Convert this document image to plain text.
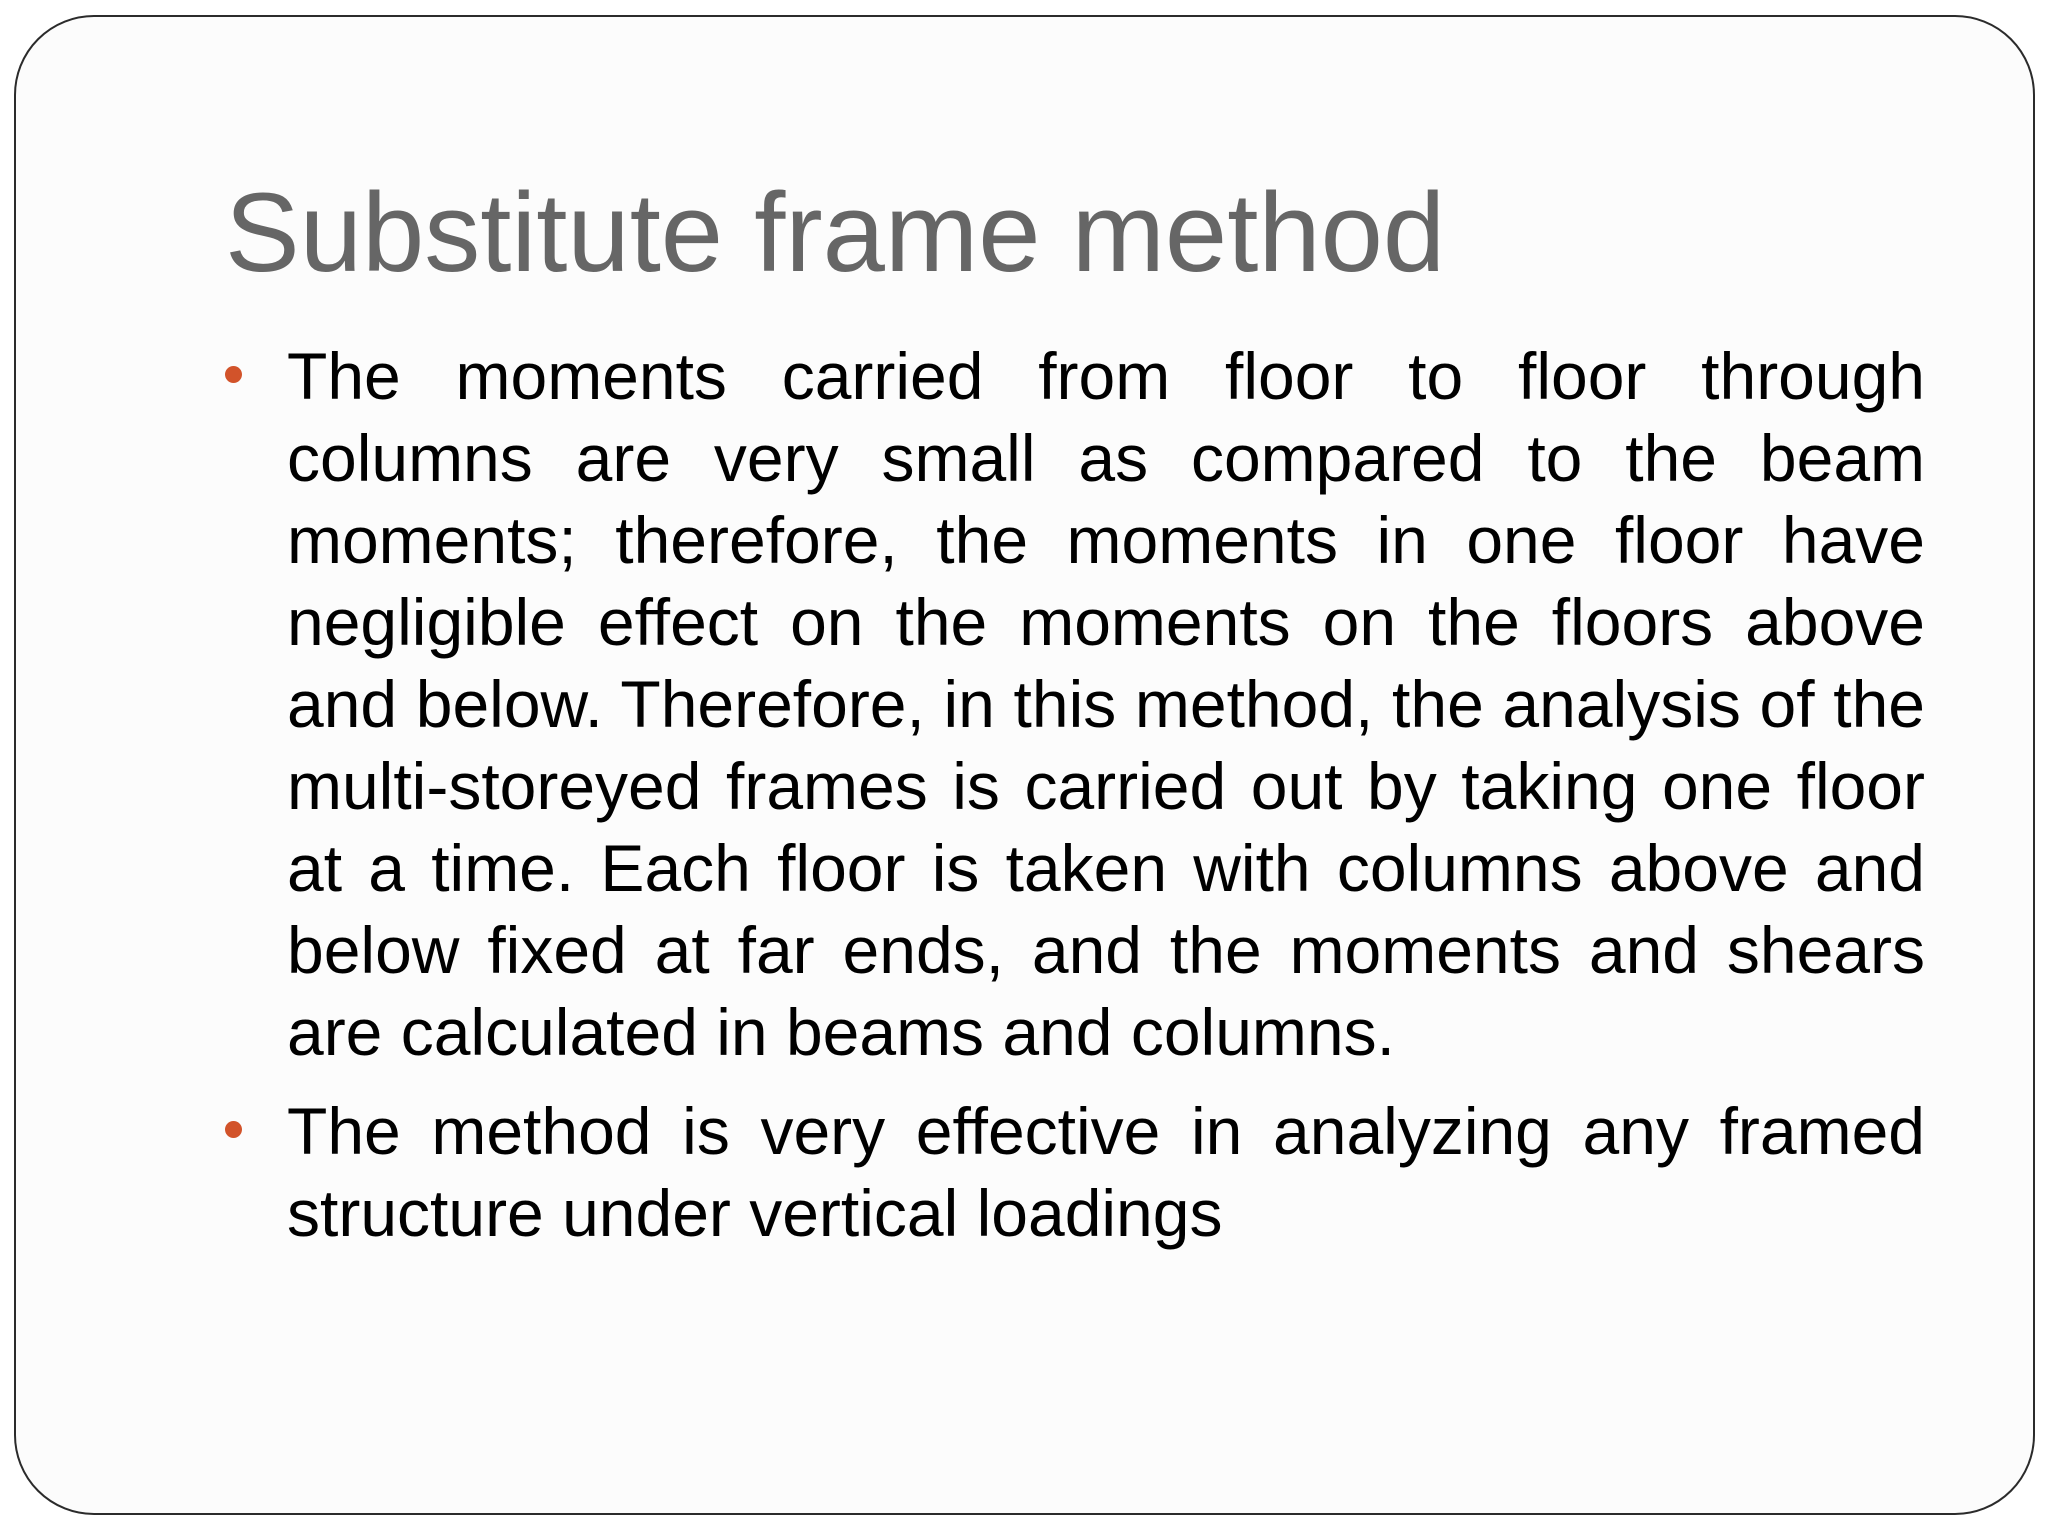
Substitute frame method
The moments carried from floor to floor through columns are very small as compared to the beam moments; therefore, the moments in one floor have negligible effect on the moments on the floors above and below. Therefore, in this method, the analysis of the multi-storeyed frames is carried out by taking one floor at a time. Each floor is taken with columns above and below fixed at far ends, and the moments and shears are calculated in beams and columns.
The method is very effective in analyzing any framed structure under vertical loadings
